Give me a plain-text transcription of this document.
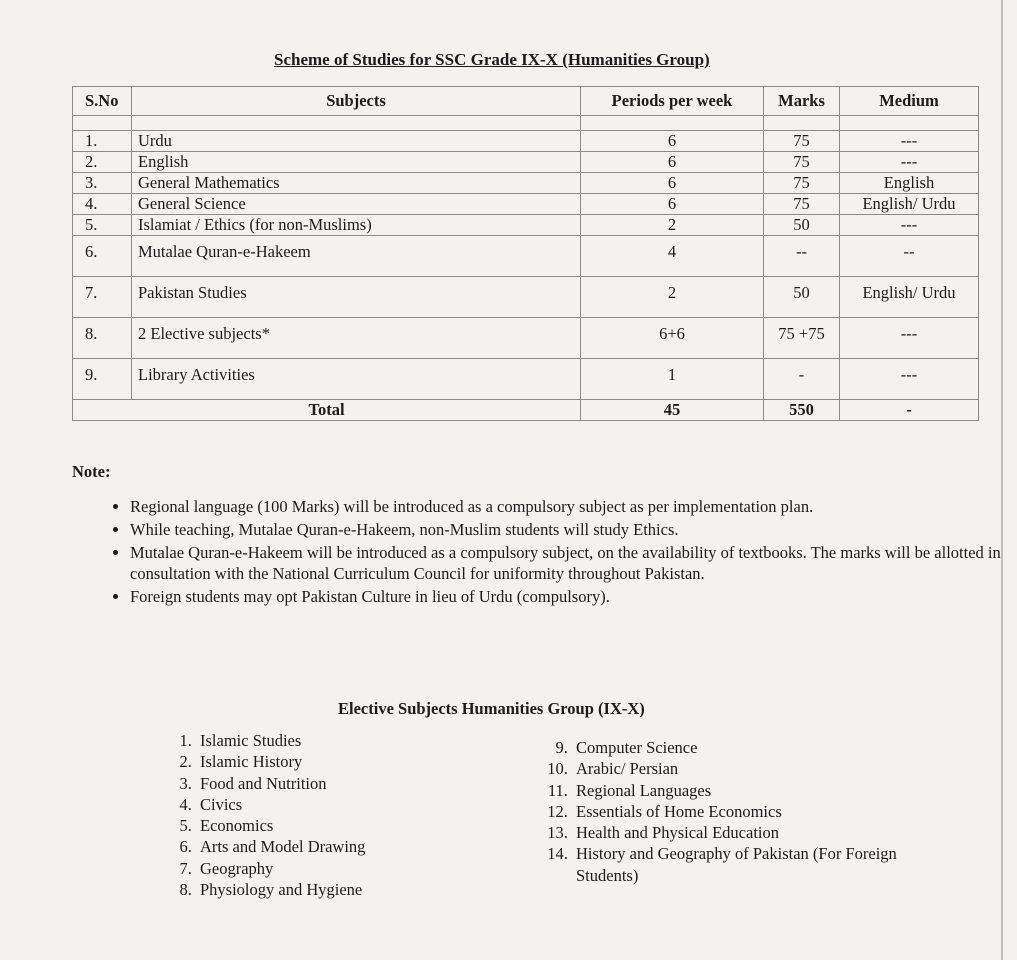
Scheme of Studies for SSC Grade IX-X (Humanities Group)
S.No	Subjects	Periods per week	Marks	Medium

1.	Urdu	6	75	---
2.	English	6	75	---
3.	General Mathematics	6	75	English
4.	General Science	6	75	English/ Urdu
5.	Islamiat / Ethics (for non-Muslims)	2	50	---
6.	Mutalae Quran-e-Hakeem	4	--	--
7.	Pakistan Studies	2	50	English/ Urdu
8.	2 Elective subjects*	6+6	75 +75	---
9.	Library Activities	1	-	---
Total		45	550	-
Note:
• Regional language (100 Marks) will be introduced as a compulsory subject as per implementation plan.
• While teaching, Mutalae Quran-e-Hakeem, non-Muslim students will study Ethics.
• Mutalae Quran-e-Hakeem will be introduced as a compulsory subject, on the availability of textbooks. The marks will be allotted in consultation with the National Curriculum Council for uniformity throughout Pakistan.
• Foreign students may opt Pakistan Culture in lieu of Urdu (compulsory).
Elective Subjects Humanities Group (IX-X)
1. Islamic Studies
2. Islamic History
3. Food and Nutrition
4. Civics
5. Economics
6. Arts and Model Drawing
7. Geography
8. Physiology and Hygiene
9. Computer Science
10. Arabic/ Persian
11. Regional Languages
12. Essentials of Home Economics
13. Health and Physical Education
14. History and Geography of Pakistan (For Foreign Students)
